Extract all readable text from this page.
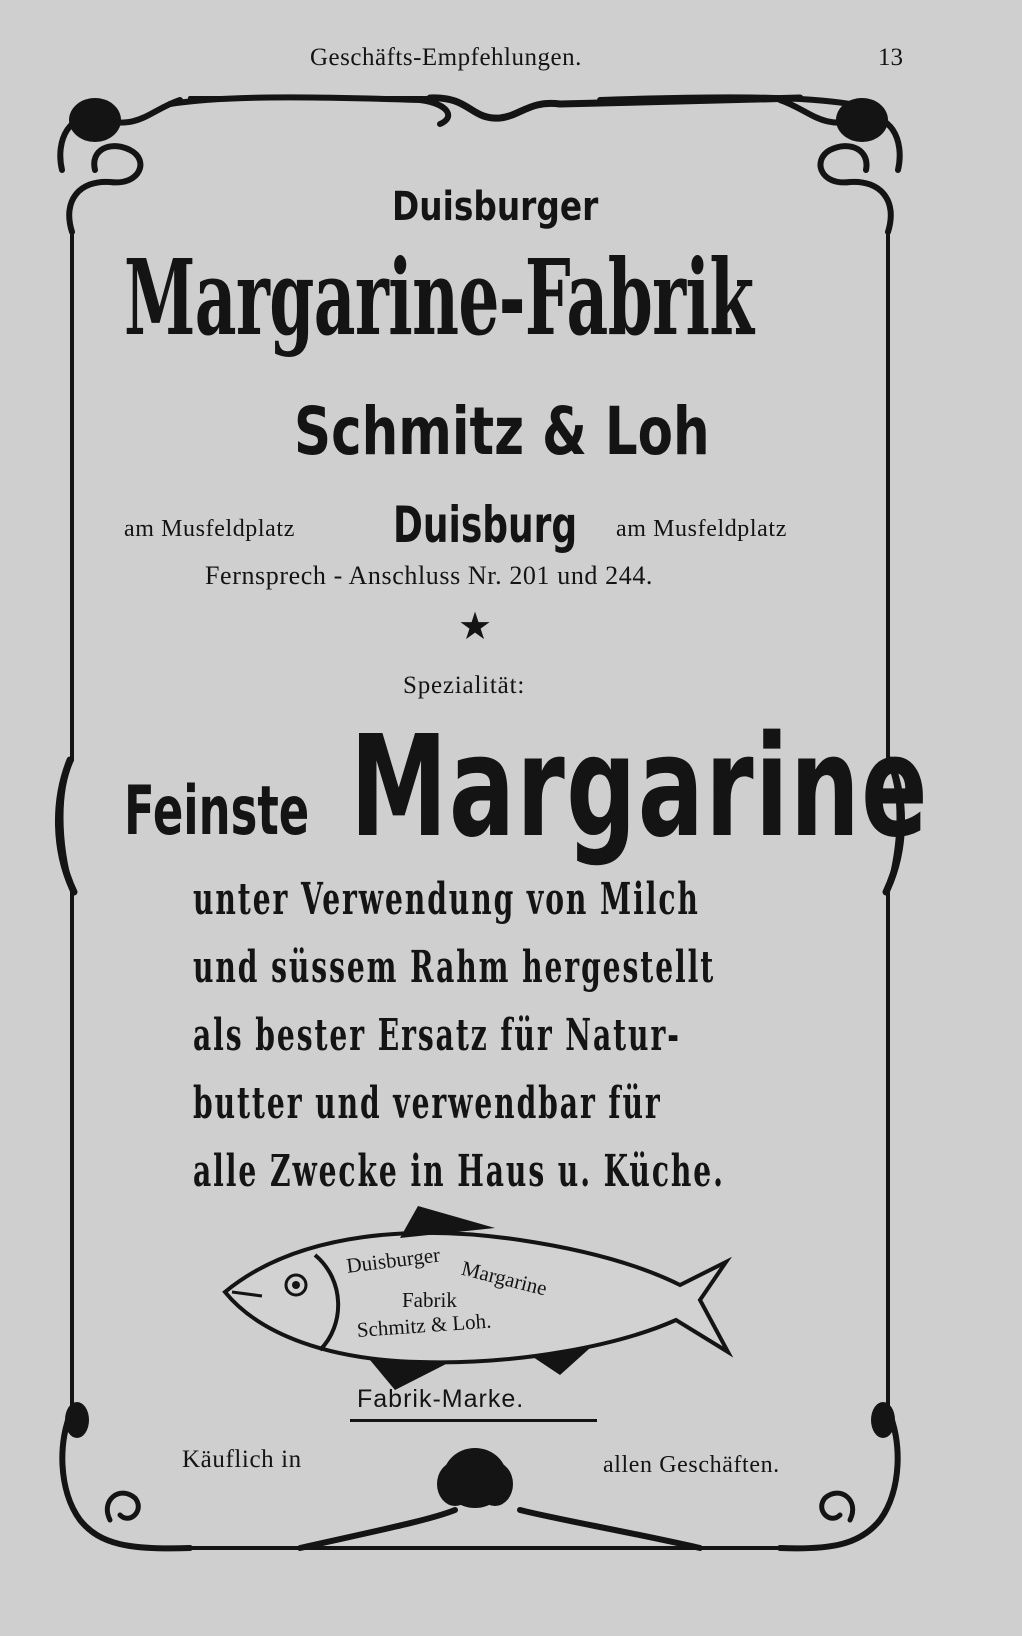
Geschäfts-Empfehlungen.	13
Duisburger
Margarine-Fabrik
Schmitz & Loh
am Musfeldplatz Duisburg am Musfeldplatz
Fernsprech - Anschluss Nr. 201 und 244.
★
Spezialität:
Feinste Margarine
unter Verwendung von Milch
und süssem Rahm hergestellt
als bester Ersatz für Natur-
butter und verwendbar für
alle Zwecke in Haus u. Küche.
Duisburger Margarine
Fabrik
Schmitz & Loh.
Fabrik-Marke.
Käuflich in	allen Geschäften.
